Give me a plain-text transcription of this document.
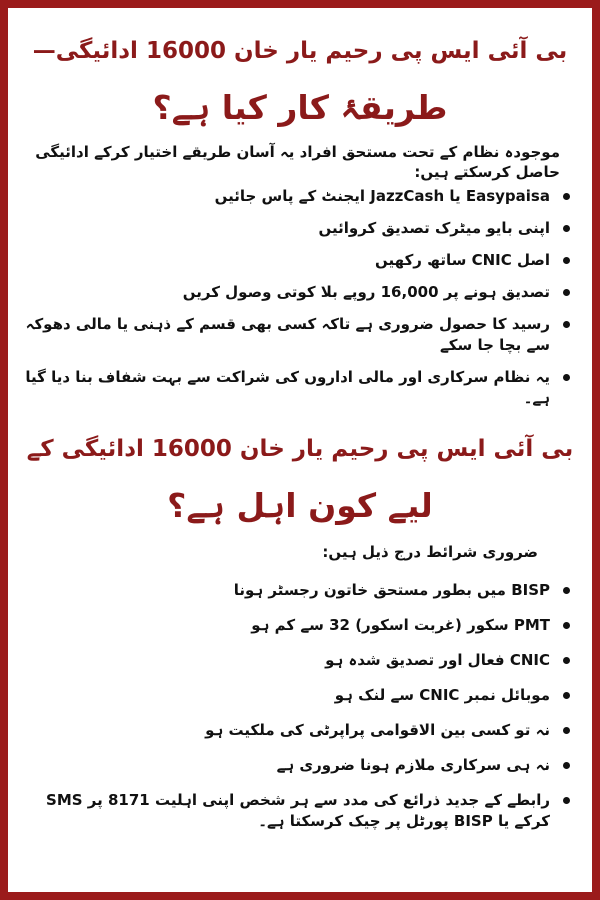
بی آئی ایس پی رحیم یار خان 16000 ادائیگی—
طریقۂ کار کیا ہے؟

موجودہ نظام کے تحت مستحق افراد یہ آسان طریقے اختیار کرکے ادائیگی حاصل کرسکتے ہیں:

Easypaisa یا JazzCash ایجنٹ کے پاس جائیں
اپنی بایو میٹرک تصدیق کروائیں
اصل CNIC ساتھ رکھیں
تصدیق ہونے پر 16,000 روپے بلا کوتی وصول کریں
رسید کا حصول ضروری ہے تاکہ کسی بھی قسم کے ذہنی یا مالی دھوکہ سے بچا جا سکے
یہ نظام سرکاری اور مالی اداروں کی شراکت سے بہت شفاف بنا دیا گیا ہے۔
بی آئی ایس پی رحیم یار خان 16000 ادائیگی کے
لیے کون اہل ہے؟

ضروری شرائط درج ذیل ہیں:

BISP میں بطور مستحق خاتون رجسٹر ہونا
PMT سکور (غربت اسکور) 32 سے کم ہو
CNIC فعال اور تصدیق شدہ ہو
موبائل نمبر CNIC سے لنک ہو
نہ تو کسی بین الاقوامی پراپرٹی کی ملکیت ہو
نہ ہی سرکاری ملازم ہونا ضروری ہے
رابطے کے جدید ذرائع کی مدد سے ہر شخص اپنی اہلیت 8171 پر SMS کرکے یا BISP پورٹل پر چیک کرسکتا ہے۔
